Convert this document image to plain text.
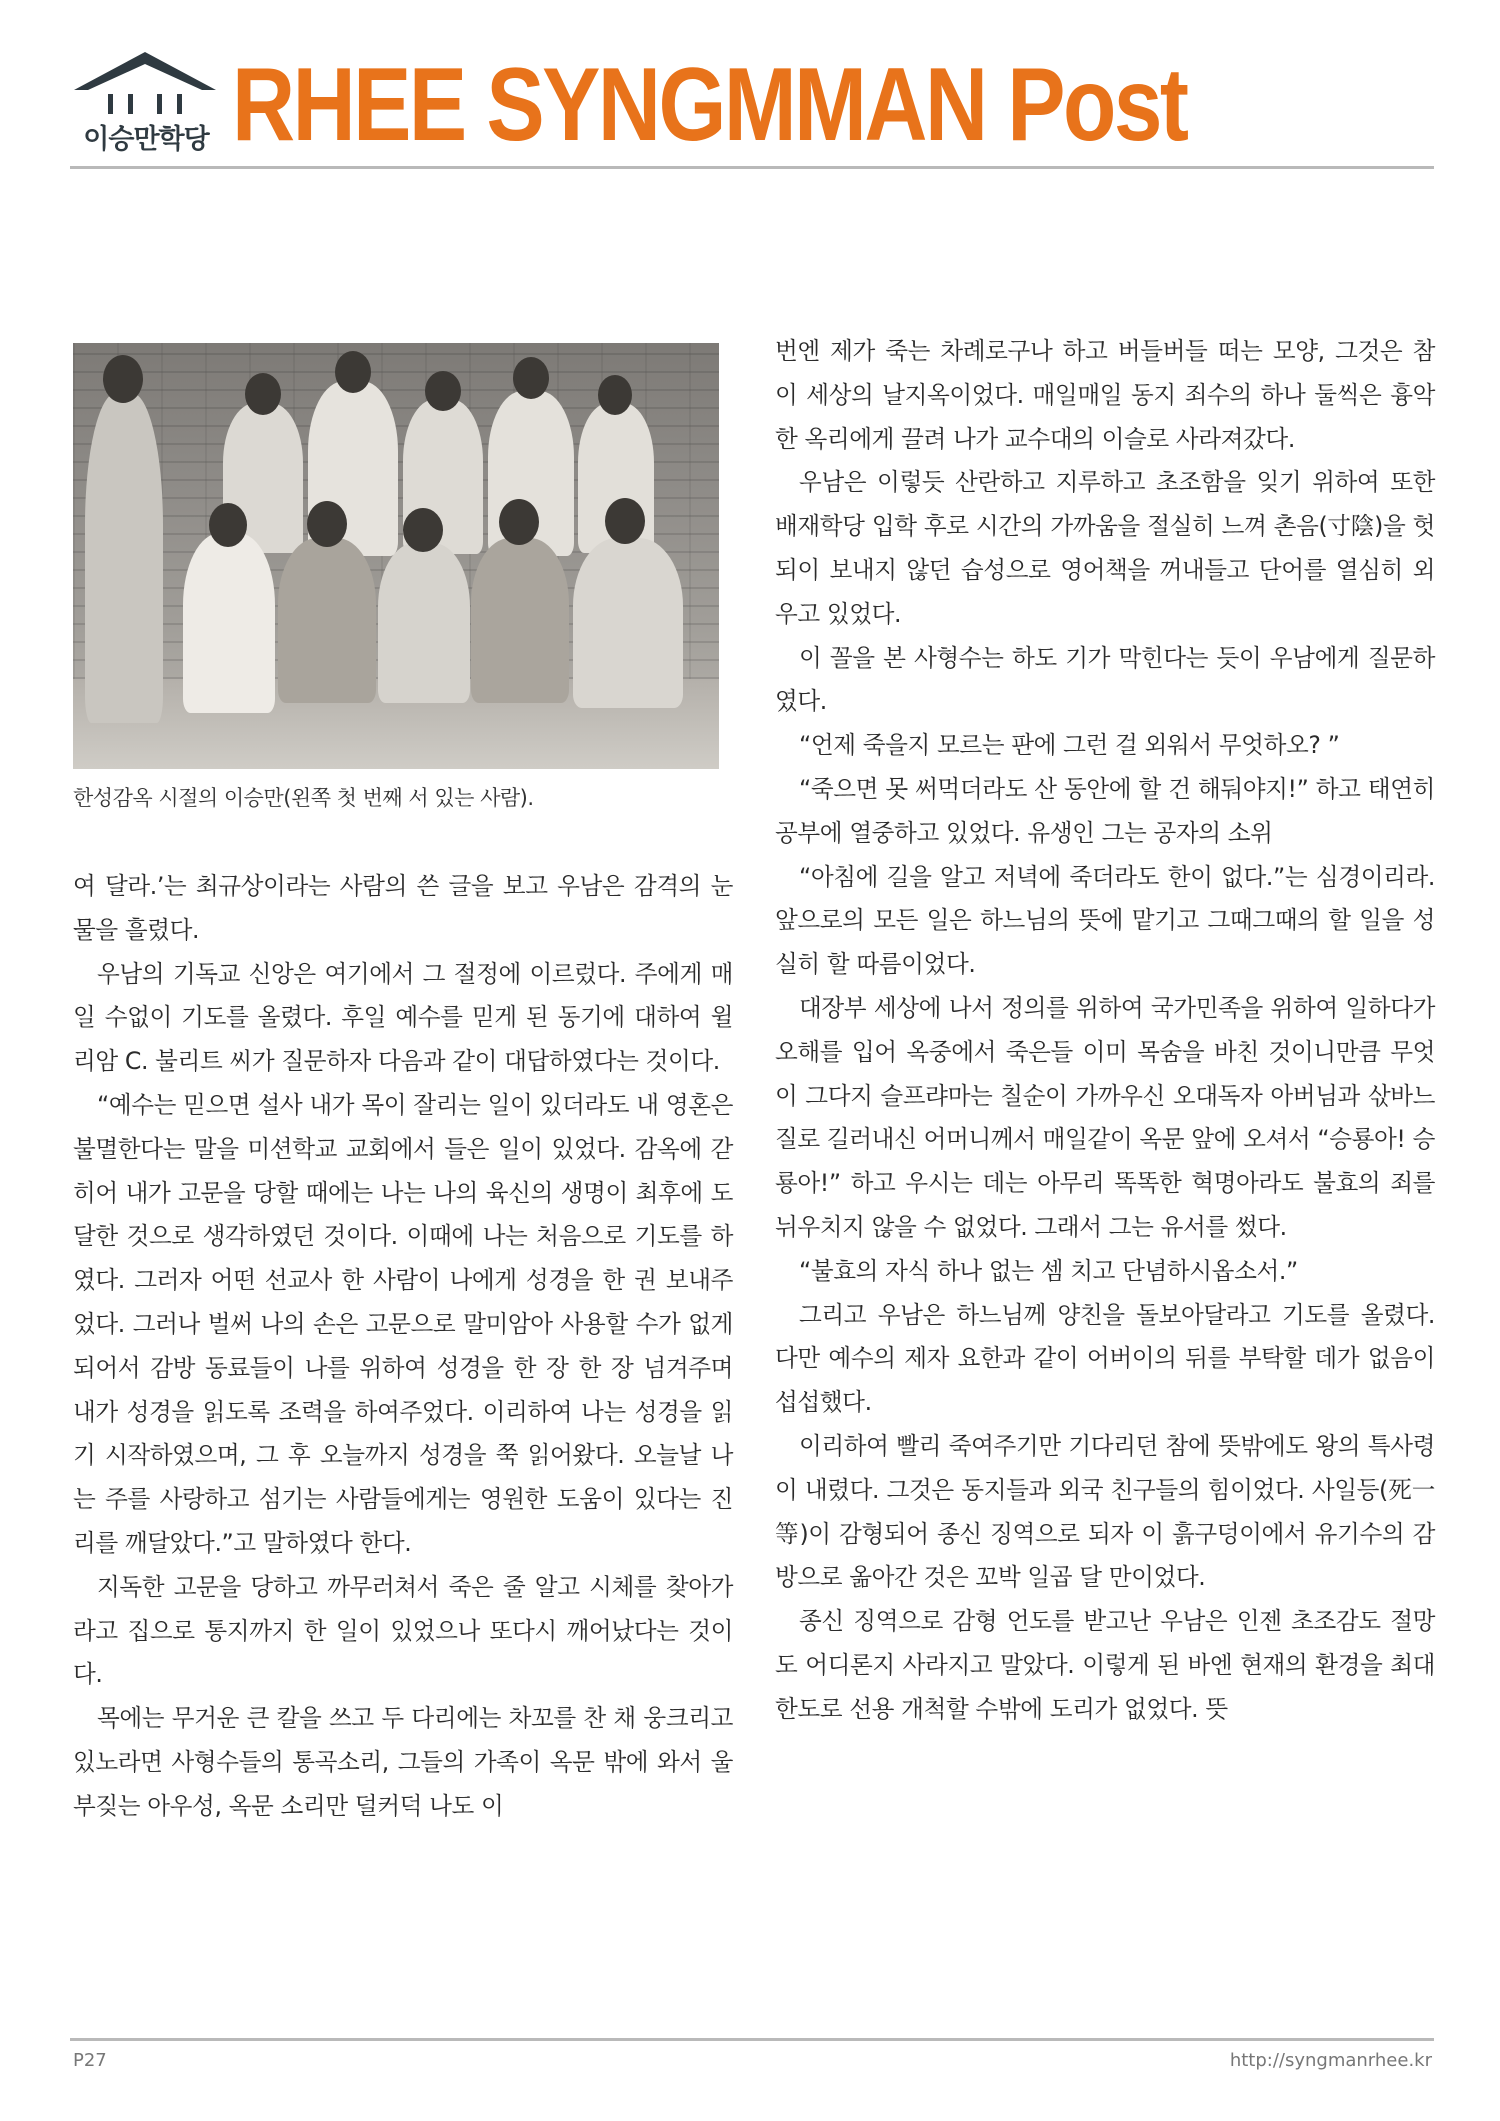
이승만학당 RHEE SYNGMMAN Post
한성감옥 시절의 이승만(왼쪽 첫 번째 서 있는 사람).

여 달라.’는 최규상이라는 사람의 쓴 글을 보고 우남은 감격의 눈물을 흘렸다.

우남의 기독교 신앙은 여기에서 그 절정에 이르렀다. 주에게 매일 수없이 기도를 올렸다. 후일 예수를 믿게 된 동기에 대하여 윌리암 C. 불리트 씨가 질문하자 다음과 같이 대답하였다는 것이다.

“예수는 믿으면 설사 내가 목이 잘리는 일이 있더라도 내 영혼은 불멸한다는 말을 미션학교 교회에서 들은 일이 있었다. 감옥에 갇히어 내가 고문을 당할 때에는 나는 나의 육신의 생명이 최후에 도달한 것으로 생각하였던 것이다. 이때에 나는 처음으로 기도를 하였다. 그러자 어떤 선교사 한 사람이 나에게 성경을 한 권 보내주었다. 그러나 벌써 나의 손은 고문으로 말미암아 사용할 수가 없게 되어서 감방 동료들이 나를 위하여 성경을 한 장 한 장 넘겨주며 내가 성경을 읽도록 조력을 하여주었다. 이리하여 나는 성경을 읽기 시작하였으며, 그 후 오늘까지 성경을 쭉 읽어왔다. 오늘날 나는 주를 사랑하고 섬기는 사람들에게는 영원한 도움이 있다는 진리를 깨달았다.”고 말하였다 한다.

지독한 고문을 당하고 까무러쳐서 죽은 줄 알고 시체를 찾아가라고 집으로 통지까지 한 일이 있었으나 또다시 깨어났다는 것이다.

목에는 무거운 큰 칼을 쓰고 두 다리에는 차꼬를 찬 채 웅크리고 있노라면 사형수들의 통곡소리, 그들의 가족이 옥문 밖에 와서 울부짖는 아우성, 옥문 소리만 덜커덕 나도 이

번엔 제가 죽는 차례로구나 하고 버들버들 떠는 모양, 그것은 참 이 세상의 날지옥이었다. 매일매일 동지 죄수의 하나 둘씩은 흉악한 옥리에게 끌려 나가 교수대의 이슬로 사라져갔다.

우남은 이렇듯 산란하고 지루하고 초조함을 잊기 위하여 또한 배재학당 입학 후로 시간의 가까움을 절실히 느껴 촌음(寸陰)을 헛되이 보내지 않던 습성으로 영어책을 꺼내들고 단어를 열심히 외우고 있었다.

이 꼴을 본 사형수는 하도 기가 막힌다는 듯이 우남에게 질문하였다.

“언제 죽을지 모르는 판에 그런 걸 외워서 무엇하오? ”

“죽으면 못 써먹더라도 산 동안에 할 건 해둬야지!” 하고 태연히 공부에 열중하고 있었다. 유생인 그는 공자의 소위

“아침에 길을 알고 저녁에 죽더라도 한이 없다.”는 심경이리라. 앞으로의 모든 일은 하느님의 뜻에 맡기고 그때그때의 할 일을 성실히 할 따름이었다.

대장부 세상에 나서 정의를 위하여 국가민족을 위하여 일하다가 오해를 입어 옥중에서 죽은들 이미 목숨을 바친 것이니만큼 무엇이 그다지 슬프랴마는 칠순이 가까우신 오대독자 아버님과 삯바느질로 길러내신 어머니께서 매일같이 옥문 앞에 오셔서 “승룡아! 승룡아!” 하고 우시는 데는 아무리 똑똑한 혁명아라도 불효의 죄를 뉘우치지 않을 수 없었다. 그래서 그는 유서를 썼다.

“불효의 자식 하나 없는 셈 치고 단념하시옵소서.”

그리고 우남은 하느님께 양친을 돌보아달라고 기도를 올렸다. 다만 예수의 제자 요한과 같이 어버이의 뒤를 부탁할 데가 없음이 섭섭했다.

이리하여 빨리 죽여주기만 기다리던 참에 뜻밖에도 왕의 특사령이 내렸다. 그것은 동지들과 외국 친구들의 힘이었다. 사일등(死一等)이 감형되어 종신 징역으로 되자 이 흙구덩이에서 유기수의 감방으로 옮아간 것은 꼬박 일곱 달 만이었다.

종신 징역으로 감형 언도를 받고난 우남은 인젠 초조감도 절망도 어디론지 사라지고 말았다. 이렇게 된 바엔 현재의 환경을 최대한도로 선용 개척할 수밖에 도리가 없었다. 뜻

P27	http://syngmanrhee.kr
